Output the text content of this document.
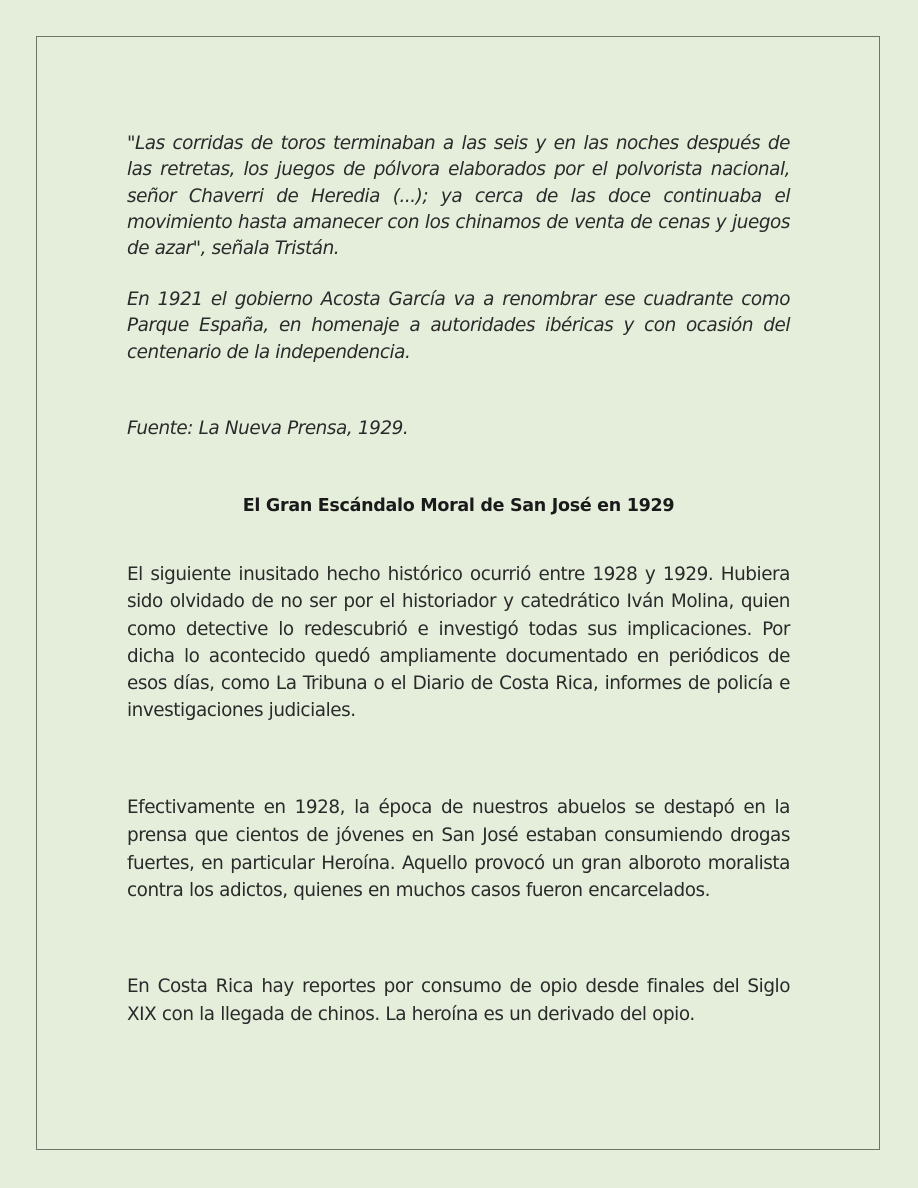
"Las corridas de toros terminaban a las seis y en las noches después de las retretas, los juegos de pólvora elaborados por el polvorista nacional, señor Chaverri de Heredia (...); ya cerca de las doce continuaba el movimiento hasta amanecer con los chinamos de venta de cenas y juegos de azar", señala Tristán.

En 1921 el gobierno Acosta García va a renombrar ese cuadrante como Parque España, en homenaje a autoridades ibéricas y con ocasión del centenario de la independencia.

Fuente: La Nueva Prensa, 1929.

El Gran Escándalo Moral de San José en 1929

El siguiente inusitado hecho histórico ocurrió entre 1928 y 1929. Hubiera sido olvidado de no ser por el historiador y catedrático Iván Molina, quien como detective lo redescubrió e investigó todas sus implicaciones. Por dicha lo acontecido quedó ampliamente documentado en periódicos de esos días, como La Tribuna o el Diario de Costa Rica, informes de policía e investigaciones judiciales.

Efectivamente en 1928, la época de nuestros abuelos se destapó en la prensa que cientos de jóvenes en San José estaban consumiendo drogas fuertes, en particular Heroína. Aquello provocó un gran alboroto moralista contra los adictos, quienes en muchos casos fueron encarcelados.

En Costa Rica hay reportes por consumo de opio desde finales del Siglo XIX con la llegada de chinos. La heroína es un derivado del opio.
